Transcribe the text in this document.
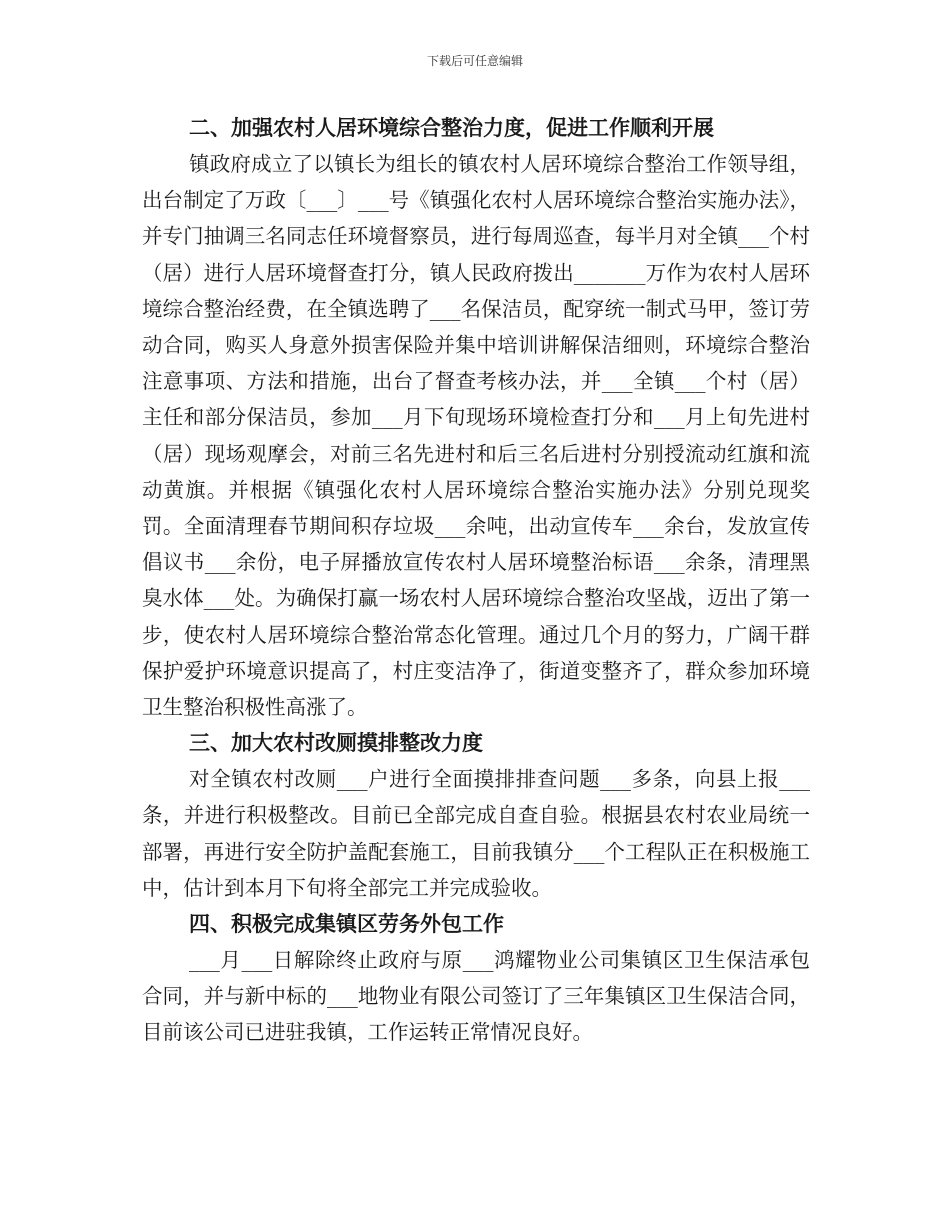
下载后可任意编辑
二、加强农村人居环境综合整治力度，促进工作顺利开展

镇政府成立了以镇长为组长的镇农村人居环境综合整治工作领导组，出台制定了万政〔___〕___号《镇强化农村人居环境综合整治实施办法》，并专门抽调三名同志任环境督察员，进行每周巡查，每半月对全镇___个村（居）进行人居环境督查打分，镇人民政府拨出_______万作为农村人居环境综合整治经费，在全镇选聘了___名保洁员，配穿统一制式马甲，签订劳动合同，购买人身意外损害保险并集中培训讲解保洁细则，环境综合整治注意事项、方法和措施，出台了督查考核办法，并___全镇___个村（居）主任和部分保洁员，参加___月下旬现场环境检查打分和___月上旬先进村（居）现场观摩会，对前三名先进村和后三名后进村分别授流动红旗和流动黄旗。并根据《镇强化农村人居环境综合整治实施办法》分别兑现奖罚。全面清理春节期间积存垃圾___余吨，出动宣传车___余台，发放宣传倡议书___余份，电子屏播放宣传农村人居环境整治标语___余条，清理黑臭水体___处。为确保打赢一场农村人居环境综合整治攻坚战，迈出了第一步，使农村人居环境综合整治常态化管理。通过几个月的努力，广阔干群保护爱护环境意识提高了，村庄变洁净了，街道变整齐了，群众参加环境卫生整治积极性高涨了。

三、加大农村改厕摸排整改力度

对全镇农村改厕___户进行全面摸排排查问题___多条，向县上报___条，并进行积极整改。目前已全部完成自查自验。根据县农村农业局统一部署，再进行安全防护盖配套施工，目前我镇分___个工程队正在积极施工中，估计到本月下旬将全部完工并完成验收。

四、积极完成集镇区劳务外包工作

___月___日解除终止政府与原___鸿耀物业公司集镇区卫生保洁承包合同，并与新中标的___地物业有限公司签订了三年集镇区卫生保洁合同，目前该公司已进驻我镇，工作运转正常情况良好。
